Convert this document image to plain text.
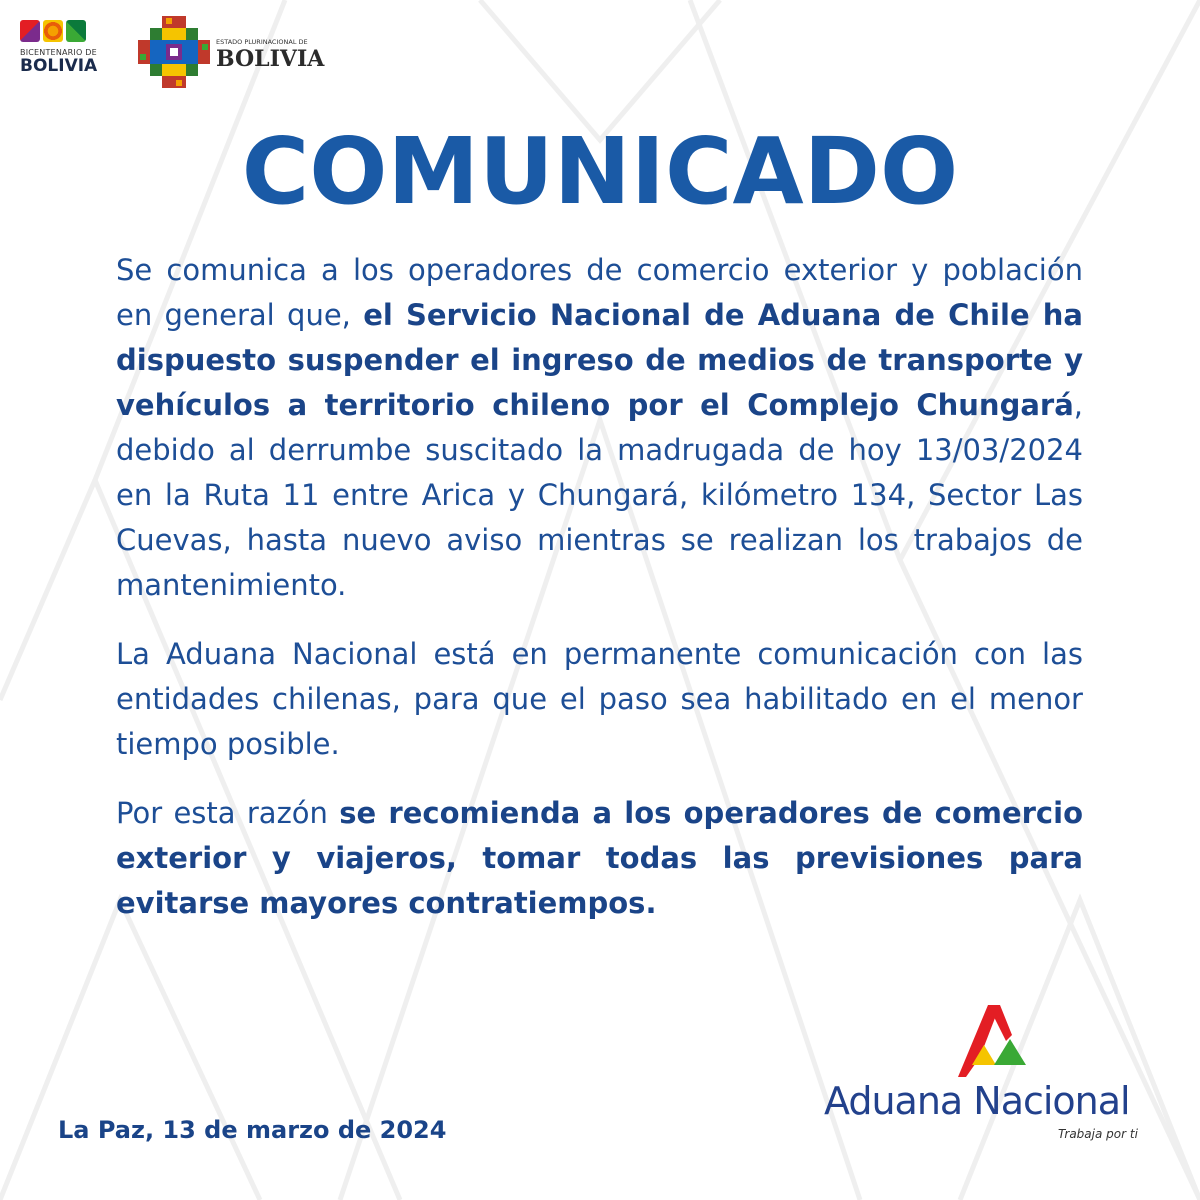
BICENTENARIO DE
BOLIVIA
ESTADO PLURINACIONAL DE
BOLIVIA
COMUNICADO

Se comunica a los operadores de comercio exterior y población en general que, el Servicio Nacional de Aduana de Chile ha dispuesto suspender el ingreso de medios de transporte y vehículos a territorio chileno por el Complejo Chungará, debido al derrumbe suscitado la madrugada de hoy 13/03/2024 en la Ruta 11 entre Arica y Chungará, kilómetro 134, Sector Las Cuevas, hasta nuevo aviso mientras se realizan los trabajos de mantenimiento.

La Aduana Nacional está en permanente comunicación con las entidades chilenas, para que el paso sea habilitado en el menor tiempo posible.

Por esta razón se recomienda a los operadores de comercio exterior y viajeros, tomar todas las previsiones para evitarse mayores contratiempos.

La Paz, 13 de marzo de 2024
Aduana Nacional
Trabaja por ti
